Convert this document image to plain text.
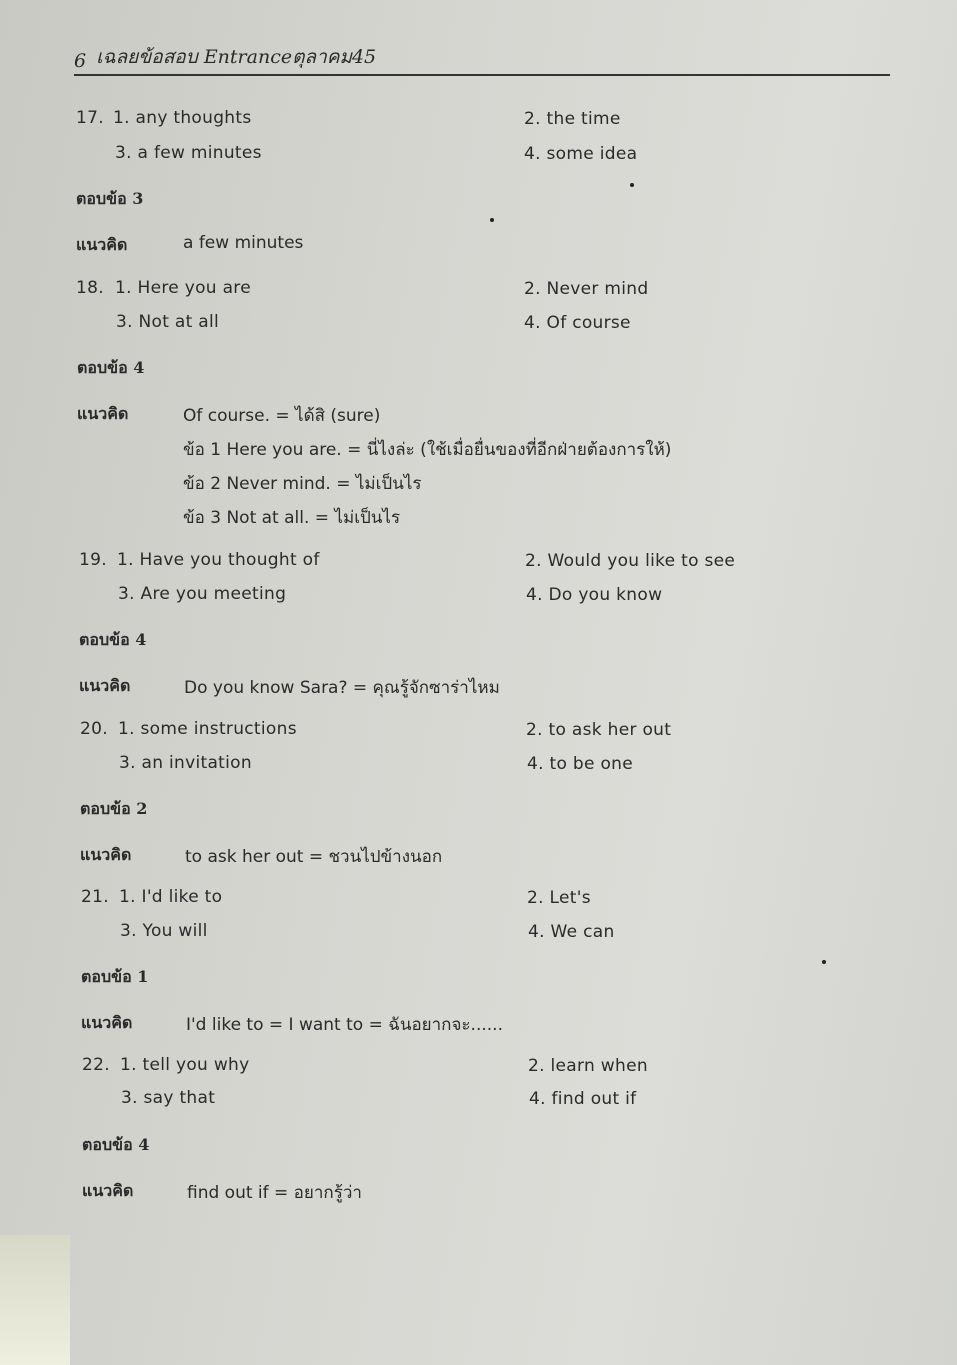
6 เฉลยข้อสอบ Entranceตุลาคม45
17. 1. any thoughts	2. the time
3. a few minutes	4. some idea
ตอบข้อ 3
แนวคิด	a few minutes
18. 1. Here you are	2. Never mind
3. Not at all	4. Of course
ตอบข้อ 4
แนวคิด	Of course. = ได้สิ (sure)
ข้อ 1 Here you are. = นี่ไงล่ะ (ใช้เมื่อยื่นของที่อีกฝ่ายต้องการให้)
ข้อ 2 Never mind. = ไม่เป็นไร
ข้อ 3 Not at all. = ไม่เป็นไร
19. 1. Have you thought of	2. Would you like to see
3. Are you meeting	4. Do you know
ตอบข้อ 4
แนวคิด	Do you know Sara? = คุณรู้จักซาร่าไหม
20. 1. some instructions	2. to ask her out
3. an invitation	4. to be one
ตอบข้อ 2
แนวคิด	to ask her out = ชวนไปข้างนอก
21. 1. I'd like to	2. Let's
3. You will	4. We can
ตอบข้อ 1
แนวคิด	I'd like to = I want to = ฉันอยากจะ......
22. 1. tell you why	2. learn when
3. say that	4. find out if
ตอบข้อ 4
แนวคิด	find out if = อยากรู้ว่า
